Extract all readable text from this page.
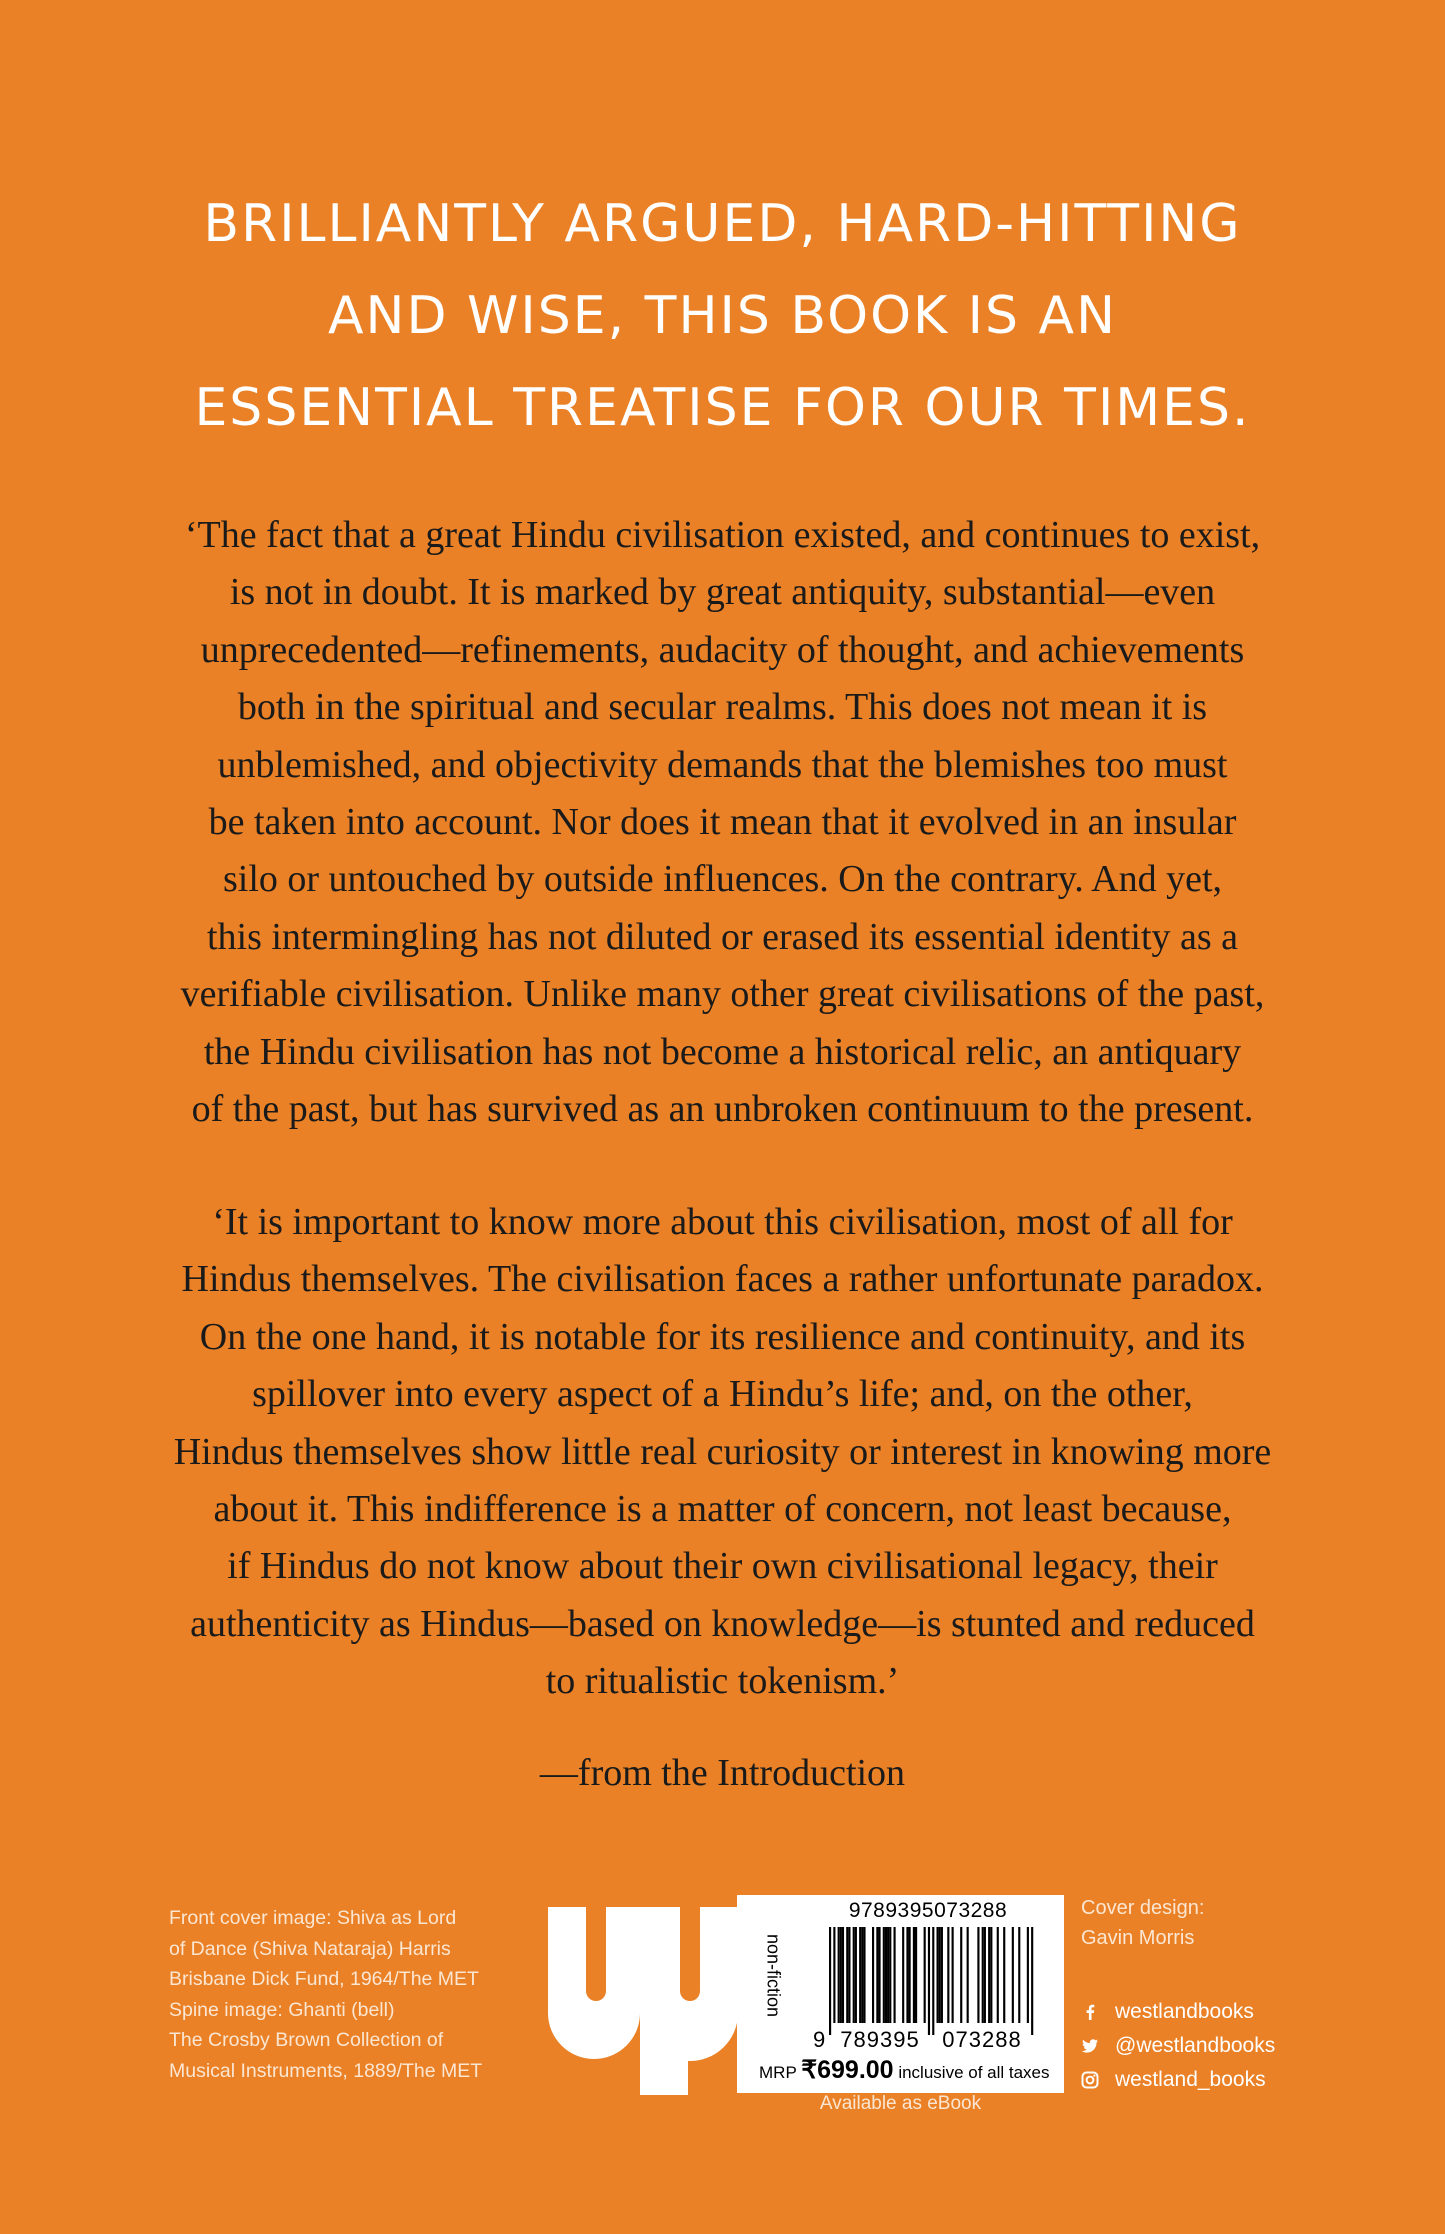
BRILLIANTLY ARGUED, HARD-HITTING
AND WISE, THIS BOOK IS AN
ESSENTIAL TREATISE FOR OUR TIMES.
‘The fact that a great Hindu civilisation existed, and continues to exist,
is not in doubt. It is marked by great antiquity, substantial—even
unprecedented—refinements, audacity of thought, and achievements
both in the spiritual and secular realms. This does not mean it is
unblemished, and objectivity demands that the blemishes too must
be taken into account. Nor does it mean that it evolved in an insular
silo or untouched by outside influences. On the contrary. And yet,
this intermingling has not diluted or erased its essential identity as a
verifiable civilisation. Unlike many other great civilisations of the past,
the Hindu civilisation has not become a historical relic, an antiquary
of the past, but has survived as an unbroken continuum to the present.
‘It is important to know more about this civilisation, most of all for
Hindus themselves. The civilisation faces a rather unfortunate paradox.
On the one hand, it is notable for its resilience and continuity, and its
spillover into every aspect of a Hindu’s life; and, on the other,
Hindus themselves show little real curiosity or interest in knowing more
about it. This indifference is a matter of concern, not least because,
if Hindus do not know about their own civilisational legacy, their
authenticity as Hindus—based on knowledge—is stunted and reduced
to ritualistic tokenism.’
—from the Introduction
Front cover image: Shiva as Lord
of Dance (Shiva Nataraja) Harris
Brisbane Dick Fund, 1964/The MET
Spine image: Ghanti (bell)
The Crosby Brown Collection of
Musical Instruments, 1889/The MET
non-fiction
9789395073288
9 789395 073288
MRP ₹699.00 inclusive of all taxes
Available as eBook
Cover design:
Gavin Morris
westlandbooks
@westlandbooks
westland_books
